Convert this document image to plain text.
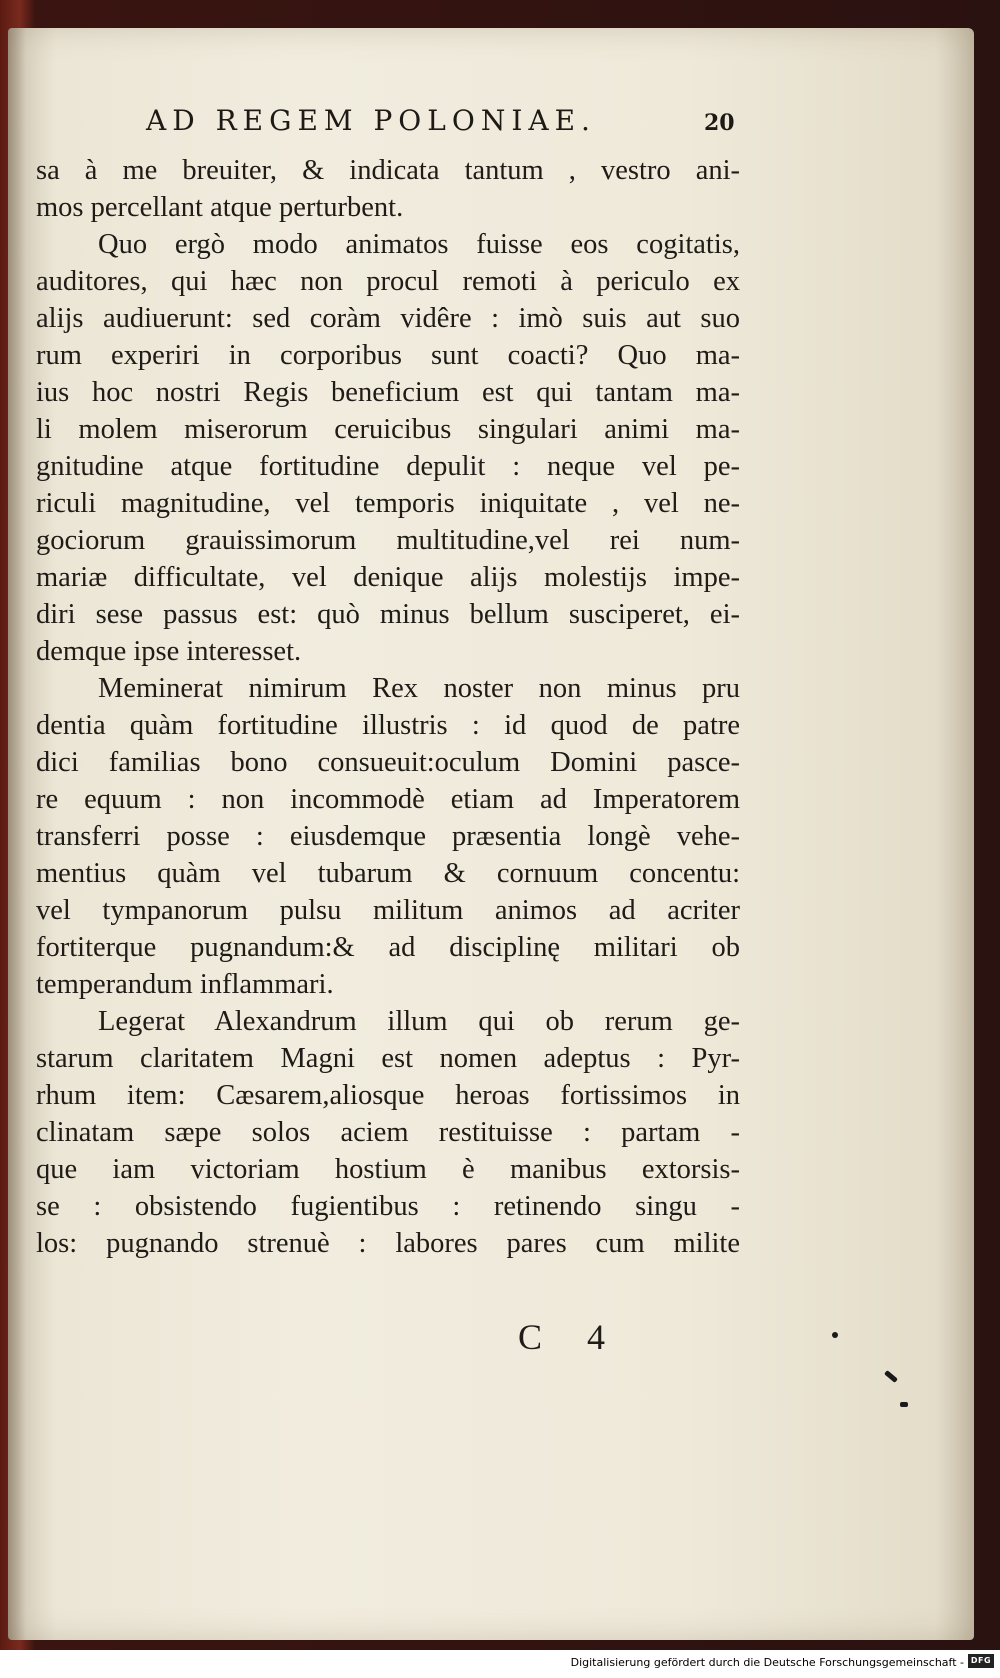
AD REGEM POLONIAE.	20
sa à me breuiter, & indicata tantum , vestro ani-
mos percellant atque perturbent.
Quo ergò modo animatos fuisse eos cogitatis,
auditores, qui hæc non procul remoti à periculo ex
alijs audiuerunt: sed coràm vidêre : imò suis aut suo
rum experiri in corporibus sunt coacti? Quo ma-
ius hoc nostri Regis beneficium est qui tantam ma-
li molem miserorum ceruicibus singulari animi ma-
gnitudine atque fortitudine depulit : neque vel pe-
riculi magnitudine, vel temporis iniquitate , vel ne-
gociorum grauissimorum multitudine,vel rei num-
mariæ difficultate, vel denique alijs molestijs impe-
diri sese passus est: quò minus bellum susciperet, ei-
demque ipse interesset.
Meminerat nimirum Rex noster non minus pru
dentia quàm fortitudine illustris : id quod de patre
dici familias bono consueuit:oculum Domini pasce-
re equum : non incommodè etiam ad Imperatorem
transferri posse : eiusdemque præsentia longè vehe-
mentius quàm vel tubarum & cornuum concentu:
vel tympanorum pulsu militum animos ad acriter
fortiterque pugnandum:& ad disciplinę militari ob
temperandum inflammari.
Legerat Alexandrum illum qui ob rerum ge-
starum claritatem Magni est nomen adeptus : Pyr-
rhum item: Cæsarem,aliosque heroas fortissimos in
clinatam sæpe solos aciem restituisse : partam -
que iam victoriam hostium è manibus extorsis-
se : obsistendo fugientibus : retinendo singu -
los: pugnando strenuè : labores pares cum milite
C 4
Digitalisierung gefördert durch die Deutsche Forschungsgemeinschaft - DFG
